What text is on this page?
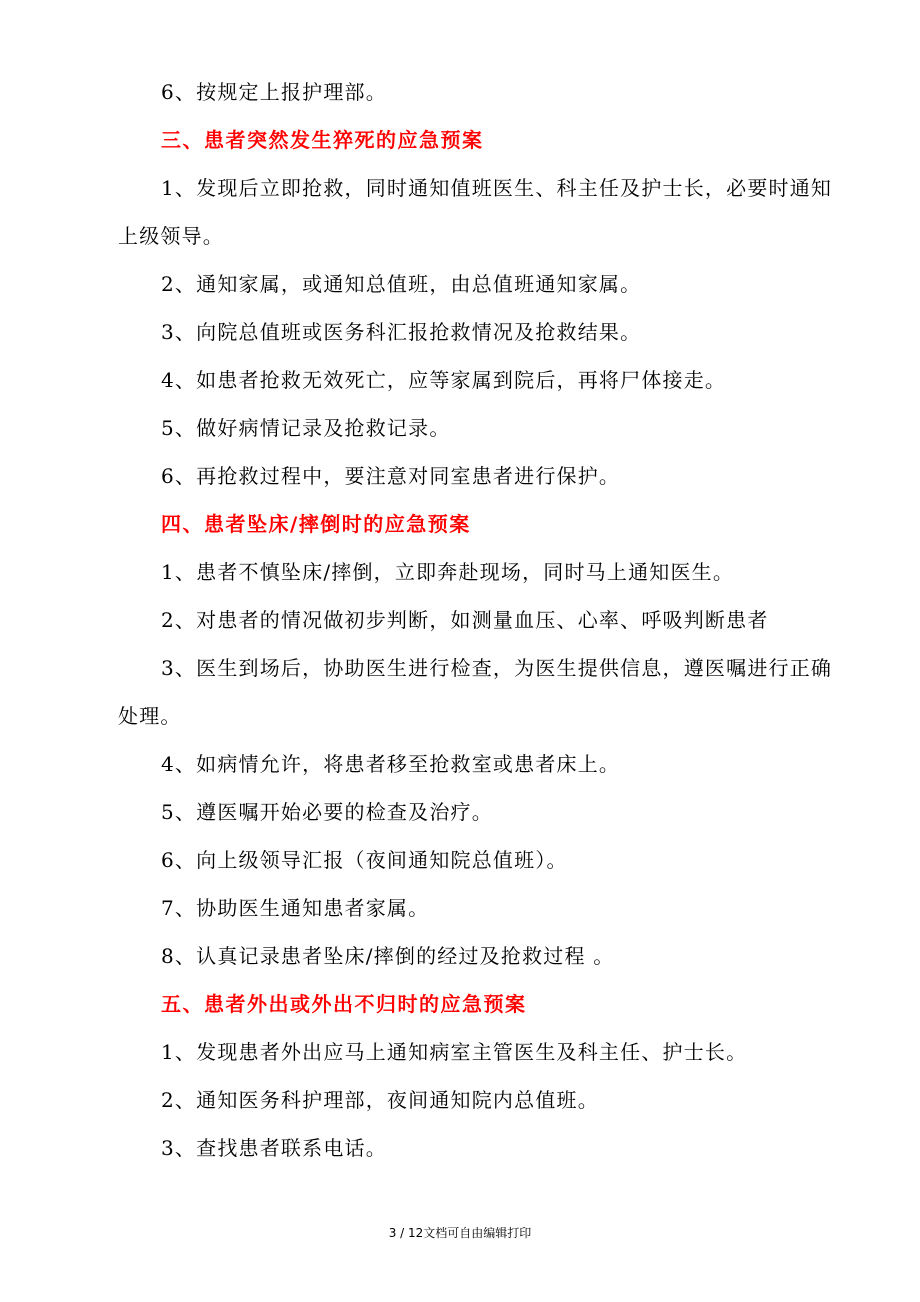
6、按规定上报护理部。
三、患者突然发生猝死的应急预案
1、发现后立即抢救，同时通知值班医生、科主任及护士长，必要时通知
上级领导。
2、通知家属，或通知总值班，由总值班通知家属。
3、向院总值班或医务科汇报抢救情况及抢救结果。
4、如患者抢救无效死亡，应等家属到院后，再将尸体接走。
5、做好病情记录及抢救记录。
6、再抢救过程中，要注意对同室患者进行保护。
四、患者坠床/摔倒时的应急预案
1、患者不慎坠床/摔倒，立即奔赴现场，同时马上通知医生。
2、对患者的情况做初步判断，如测量血压、心率、呼吸判断患者
3、医生到场后，协助医生进行检查，为医生提供信息，遵医嘱进行正确
处理。
4、如病情允许，将患者移至抢救室或患者床上。
5、遵医嘱开始必要的检查及治疗。
6、向上级领导汇报（夜间通知院总值班）。
7、协助医生通知患者家属。
8、认真记录患者坠床/摔倒的经过及抢救过程 。
五、患者外出或外出不归时的应急预案
1、发现患者外出应马上通知病室主管医生及科主任、护士长。
2、通知医务科护理部，夜间通知院内总值班。
3、查找患者联系电话。
3 / 12文档可自由编辑打印
